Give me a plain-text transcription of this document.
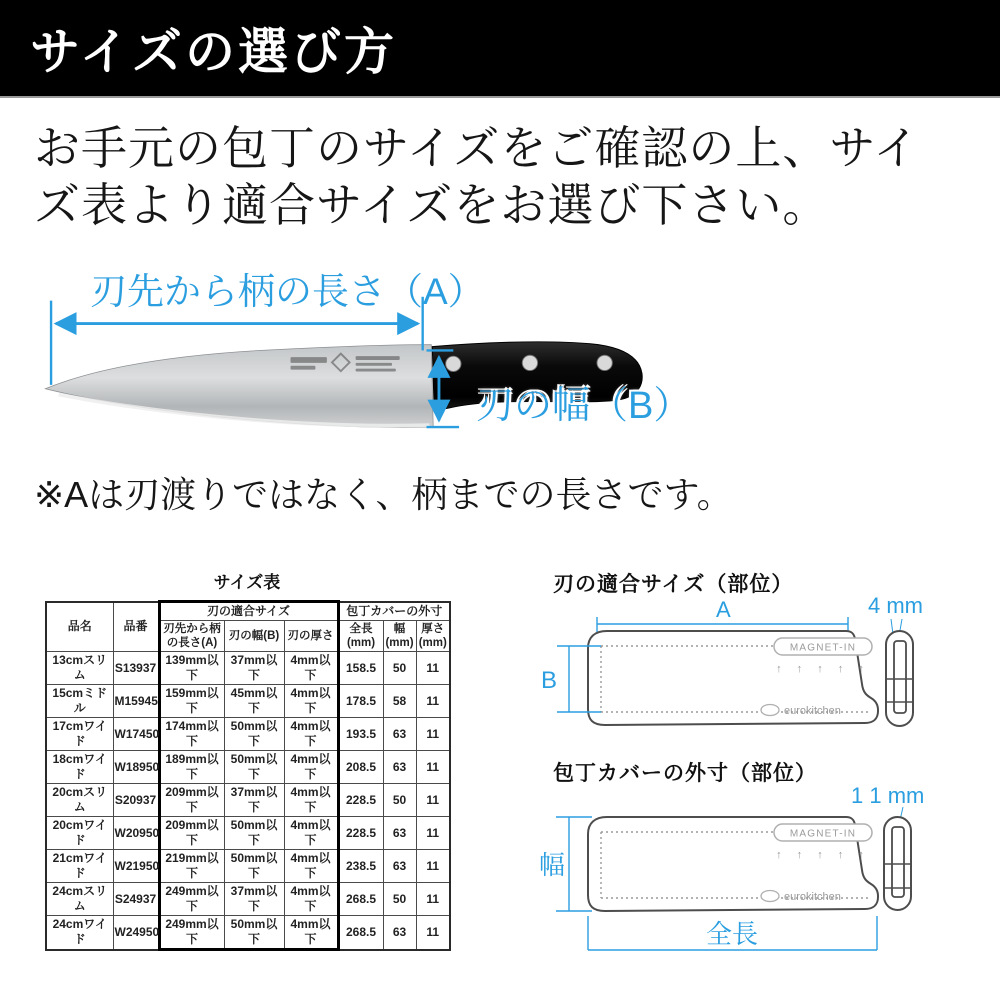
サイズの選び方
お手元の包丁のサイズをご確認の上、サイ
ズ表より適合サイズをお選び下さい。
刃先から柄の長さ（A）
刃の幅（B）
※Aは刃渡りではなく、柄までの長さです。
サイズ表
品名	品番	刃の適合サイズ			包丁カバーの外寸		
		刃先から柄の長さ(A)	刃の幅(B)	刃の厚さ	全長 (mm)	幅 (mm)	厚さ (mm)
13cmスリム	S13937	139mm以下	37mm以下	4mm以下	158.5	50	11
15cmミドル	M15945	159mm以下	45mm以下	4mm以下	178.5	58	11
17cmワイド	W17450	174mm以下	50mm以下	4mm以下	193.5	63	11
18cmワイド	W18950	189mm以下	50mm以下	4mm以下	208.5	63	11
20cmスリム	S20937	209mm以下	37mm以下	4mm以下	228.5	50	11
20cmワイド	W20950	209mm以下	50mm以下	4mm以下	228.5	63	11
21cmワイド	W21950	219mm以下	50mm以下	4mm以下	238.5	63	11
24cmスリム	S24937	249mm以下	37mm以下	4mm以下	268.5	50	11
24cmワイド	W24950	249mm以下	50mm以下	4mm以下	268.5	63	11
刃の適合サイズ（部位）
A
MAGNET-IN
↑ ↑ ↑ ↑ ↑
eurokitchen
B
4 mm
包丁カバーの外寸（部位）
1 1 mm
MAGNET-IN
↑ ↑ ↑ ↑ ↑
eurokitchen
幅
全長
